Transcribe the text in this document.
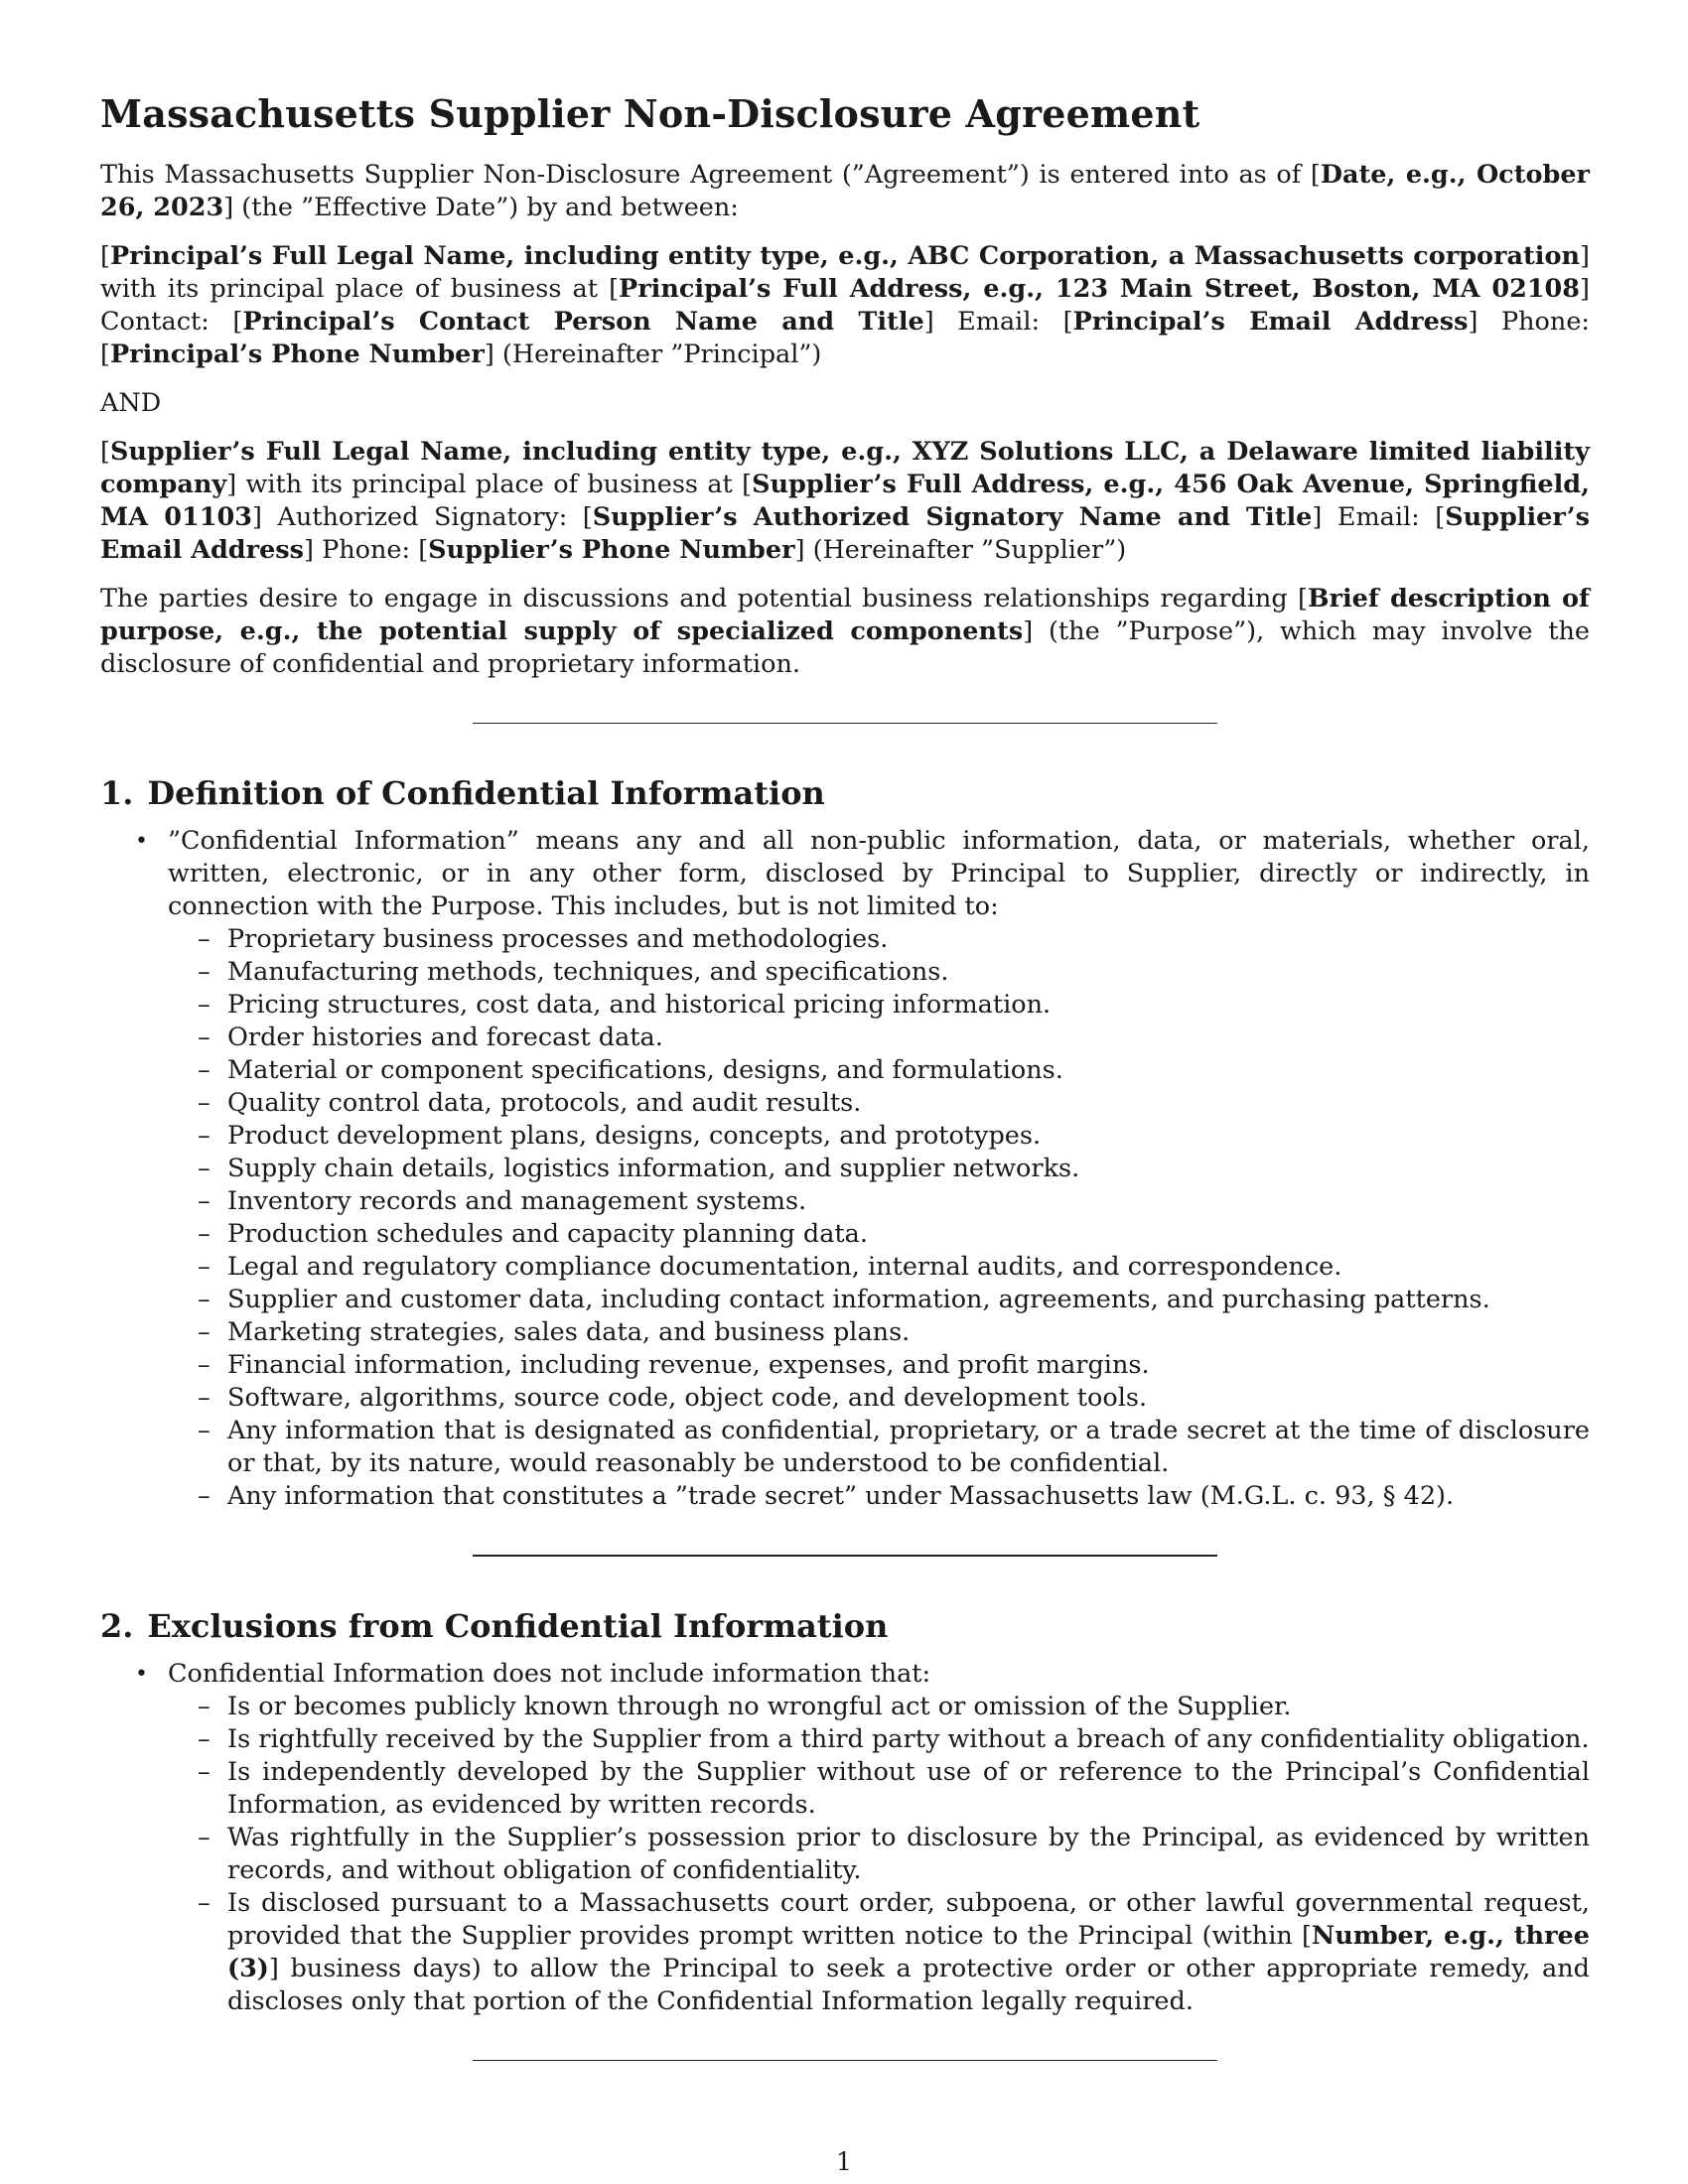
Massachusetts Supplier Non-Disclosure Agreement

This Massachusetts Supplier Non-Disclosure Agreement (”Agreement”) is entered into as of [Date, e.g., October 26, 2023] (the ”Effective Date”) by and between:

[Principal’s Full Legal Name, including entity type, e.g., ABC Corporation, a Massachusetts corporation] with its principal place of business at [Principal’s Full Address, e.g., 123 Main Street, Boston, MA 02108] Contact: [Principal’s Contact Person Name and Title] Email: [Principal’s Email Address] Phone: [Principal’s Phone Number] (Hereinafter ”Principal”)

AND

[Supplier’s Full Legal Name, including entity type, e.g., XYZ Solutions LLC, a Delaware limited liability company] with its principal place of business at [Supplier’s Full Address, e.g., 456 Oak Avenue, Springfield, MA 01103] Authorized Signatory: [Supplier’s Authorized Signatory Name and Title] Email: [Supplier’s Email Address] Phone: [Supplier’s Phone Number] (Hereinafter ”Supplier”)

The parties desire to engage in discussions and potential business relationships regarding [Brief description of purpose, e.g., the potential supply of specialized components] (the ”Purpose”), which may involve the disclosure of confidential and proprietary information.

1. Definition of Confidential Information
• ”Confidential Information” means any and all non-public information, data, or materials, whether oral, written, electronic, or in any other form, disclosed by Principal to Supplier, directly or indirectly, in connection with the Purpose. This includes, but is not limited to:
– Proprietary business processes and methodologies.
– Manufacturing methods, techniques, and specifications.
– Pricing structures, cost data, and historical pricing information.
– Order histories and forecast data.
– Material or component specifications, designs, and formulations.
– Quality control data, protocols, and audit results.
– Product development plans, designs, concepts, and prototypes.
– Supply chain details, logistics information, and supplier networks.
– Inventory records and management systems.
– Production schedules and capacity planning data.
– Legal and regulatory compliance documentation, internal audits, and correspondence.
– Supplier and customer data, including contact information, agreements, and purchasing patterns.
– Marketing strategies, sales data, and business plans.
– Financial information, including revenue, expenses, and profit margins.
– Software, algorithms, source code, object code, and development tools.
– Any information that is designated as confidential, proprietary, or a trade secret at the time of disclosure or that, by its nature, would reasonably be understood to be confidential.
– Any information that constitutes a ”trade secret” under Massachusetts law (M.G.L. c. 93, § 42).
2. Exclusions from Confidential Information
• Confidential Information does not include information that:
– Is or becomes publicly known through no wrongful act or omission of the Supplier.
– Is rightfully received by the Supplier from a third party without a breach of any confidentiality obligation.
– Is independently developed by the Supplier without use of or reference to the Principal’s Confidential Information, as evidenced by written records.
– Was rightfully in the Supplier’s possession prior to disclosure by the Principal, as evidenced by written records, and without obligation of confidentiality.
– Is disclosed pursuant to a Massachusetts court order, subpoena, or other lawful governmental request, provided that the Supplier provides prompt written notice to the Principal (within [Number, e.g., three (3)] business days) to allow the Principal to seek a protective order or other appropriate remedy, and discloses only that portion of the Confidential Information legally required.
1
